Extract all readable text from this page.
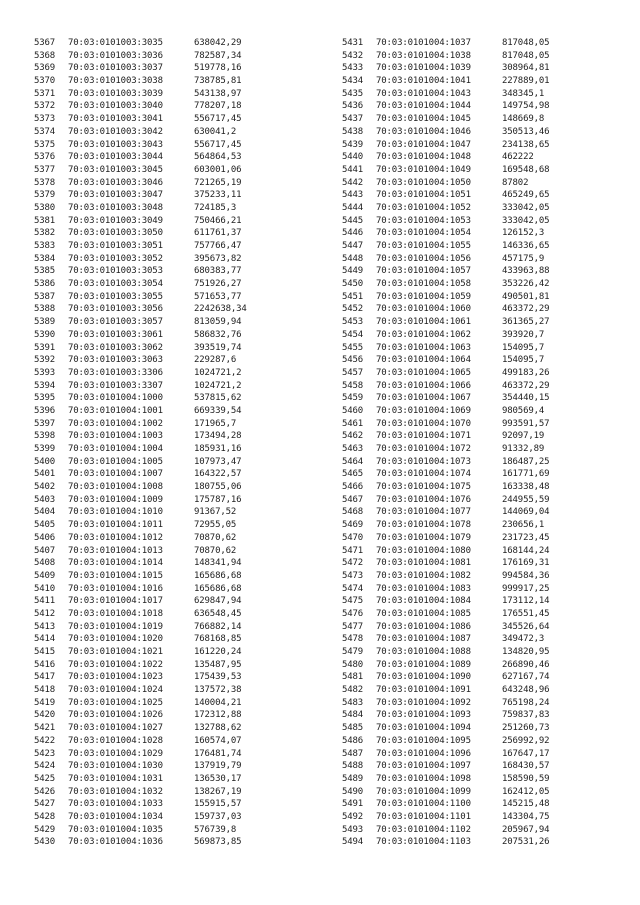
5367 70:03:0101003:3035	638042,29
5368 70:03:0101003:3036	782587,34
5369 70:03:0101003:3037	519778,16
5370 70:03:0101003:3038	738785,81
5371 70:03:0101003:3039	543138,97
5372 70:03:0101003:3040	778207,18
5373 70:03:0101003:3041	556717,45
5374 70:03:0101003:3042	630041,2
5375 70:03:0101003:3043	556717,45
5376 70:03:0101003:3044	564864,53
5377 70:03:0101003:3045	603001,06
5378 70:03:0101003:3046	721265,19
5379 70:03:0101003:3047	375233,11
5380 70:03:0101003:3048	724185,3
5381 70:03:0101003:3049	750466,21
5382 70:03:0101003:3050	611761,37
5383 70:03:0101003:3051	757766,47
5384 70:03:0101003:3052	395673,82
5385 70:03:0101003:3053	680383,77
5386 70:03:0101003:3054	751926,27
5387 70:03:0101003:3055	571653,77
5388 70:03:0101003:3056	2242638,34
5389 70:03:0101003:3057	813059,94
5390 70:03:0101003:3061	586832,76
5391 70:03:0101003:3062	393519,74
5392 70:03:0101003:3063	229287,6
5393 70:03:0101003:3306	1024721,2
5394 70:03:0101003:3307	1024721,2
5395 70:03:0101004:1000	537815,62
5396 70:03:0101004:1001	669339,54
5397 70:03:0101004:1002	171965,7
5398 70:03:0101004:1003	173494,28
5399 70:03:0101004:1004	185931,16
5400 70:03:0101004:1005	107973,47
5401 70:03:0101004:1007	164322,57
5402 70:03:0101004:1008	180755,06
5403 70:03:0101004:1009	175787,16
5404 70:03:0101004:1010	91367,52
5405 70:03:0101004:1011	72955,05
5406 70:03:0101004:1012	70870,62
5407 70:03:0101004:1013	70870,62
5408 70:03:0101004:1014	148341,94
5409 70:03:0101004:1015	165686,68
5410 70:03:0101004:1016	165686,68
5411 70:03:0101004:1017	629847,94
5412 70:03:0101004:1018	636548,45
5413 70:03:0101004:1019	766882,14
5414 70:03:0101004:1020	768168,85
5415 70:03:0101004:1021	161220,24
5416 70:03:0101004:1022	135487,95
5417 70:03:0101004:1023	175439,53
5418 70:03:0101004:1024	137572,38
5419 70:03:0101004:1025	140004,21
5420 70:03:0101004:1026	172312,88
5421 70:03:0101004:1027	132788,62
5422 70:03:0101004:1028	160574,07
5423 70:03:0101004:1029	176481,74
5424 70:03:0101004:1030	137919,79
5425 70:03:0101004:1031	136530,17
5426 70:03:0101004:1032	138267,19
5427 70:03:0101004:1033	155915,57
5428 70:03:0101004:1034	159737,03
5429 70:03:0101004:1035	576739,8
5430 70:03:0101004:1036	569873,85
5431 70:03:0101004:1037	817048,05
5432 70:03:0101004:1038	817048,05
5433 70:03:0101004:1039	308964,81
5434 70:03:0101004:1041	227889,01
5435 70:03:0101004:1043	348345,1
5436 70:03:0101004:1044	149754,98
5437 70:03:0101004:1045	148669,8
5438 70:03:0101004:1046	350513,46
5439 70:03:0101004:1047	234138,65
5440 70:03:0101004:1048	462222
5441 70:03:0101004:1049	169548,68
5442 70:03:0101004:1050	87802
5443 70:03:0101004:1051	465249,65
5444 70:03:0101004:1052	333042,05
5445 70:03:0101004:1053	333042,05
5446 70:03:0101004:1054	126152,3
5447 70:03:0101004:1055	146336,65
5448 70:03:0101004:1056	457175,9
5449 70:03:0101004:1057	433963,88
5450 70:03:0101004:1058	353226,42
5451 70:03:0101004:1059	490501,81
5452 70:03:0101004:1060	463372,29
5453 70:03:0101004:1061	361365,27
5454 70:03:0101004:1062	393920,7
5455 70:03:0101004:1063	154095,7
5456 70:03:0101004:1064	154095,7
5457 70:03:0101004:1065	499183,26
5458 70:03:0101004:1066	463372,29
5459 70:03:0101004:1067	354440,15
5460 70:03:0101004:1069	980569,4
5461 70:03:0101004:1070	993591,57
5462 70:03:0101004:1071	92097,19
5463 70:03:0101004:1072	91332,89
5464 70:03:0101004:1073	186487,25
5465 70:03:0101004:1074	161771,69
5466 70:03:0101004:1075	163338,48
5467 70:03:0101004:1076	244955,59
5468 70:03:0101004:1077	144069,04
5469 70:03:0101004:1078	230656,1
5470 70:03:0101004:1079	231723,45
5471 70:03:0101004:1080	168144,24
5472 70:03:0101004:1081	176169,31
5473 70:03:0101004:1082	994584,36
5474 70:03:0101004:1083	999917,25
5475 70:03:0101004:1084	173112,14
5476 70:03:0101004:1085	176551,45
5477 70:03:0101004:1086	345526,64
5478 70:03:0101004:1087	349472,3
5479 70:03:0101004:1088	134820,95
5480 70:03:0101004:1089	266890,46
5481 70:03:0101004:1090	627167,74
5482 70:03:0101004:1091	643248,96
5483 70:03:0101004:1092	765198,24
5484 70:03:0101004:1093	759837,83
5485 70:03:0101004:1094	251260,73
5486 70:03:0101004:1095	256992,92
5487 70:03:0101004:1096	167647,17
5488 70:03:0101004:1097	168430,57
5489 70:03:0101004:1098	158590,59
5490 70:03:0101004:1099	162412,05
5491 70:03:0101004:1100	145215,48
5492 70:03:0101004:1101	143304,75
5493 70:03:0101004:1102	205967,94
5494 70:03:0101004:1103	207531,26
